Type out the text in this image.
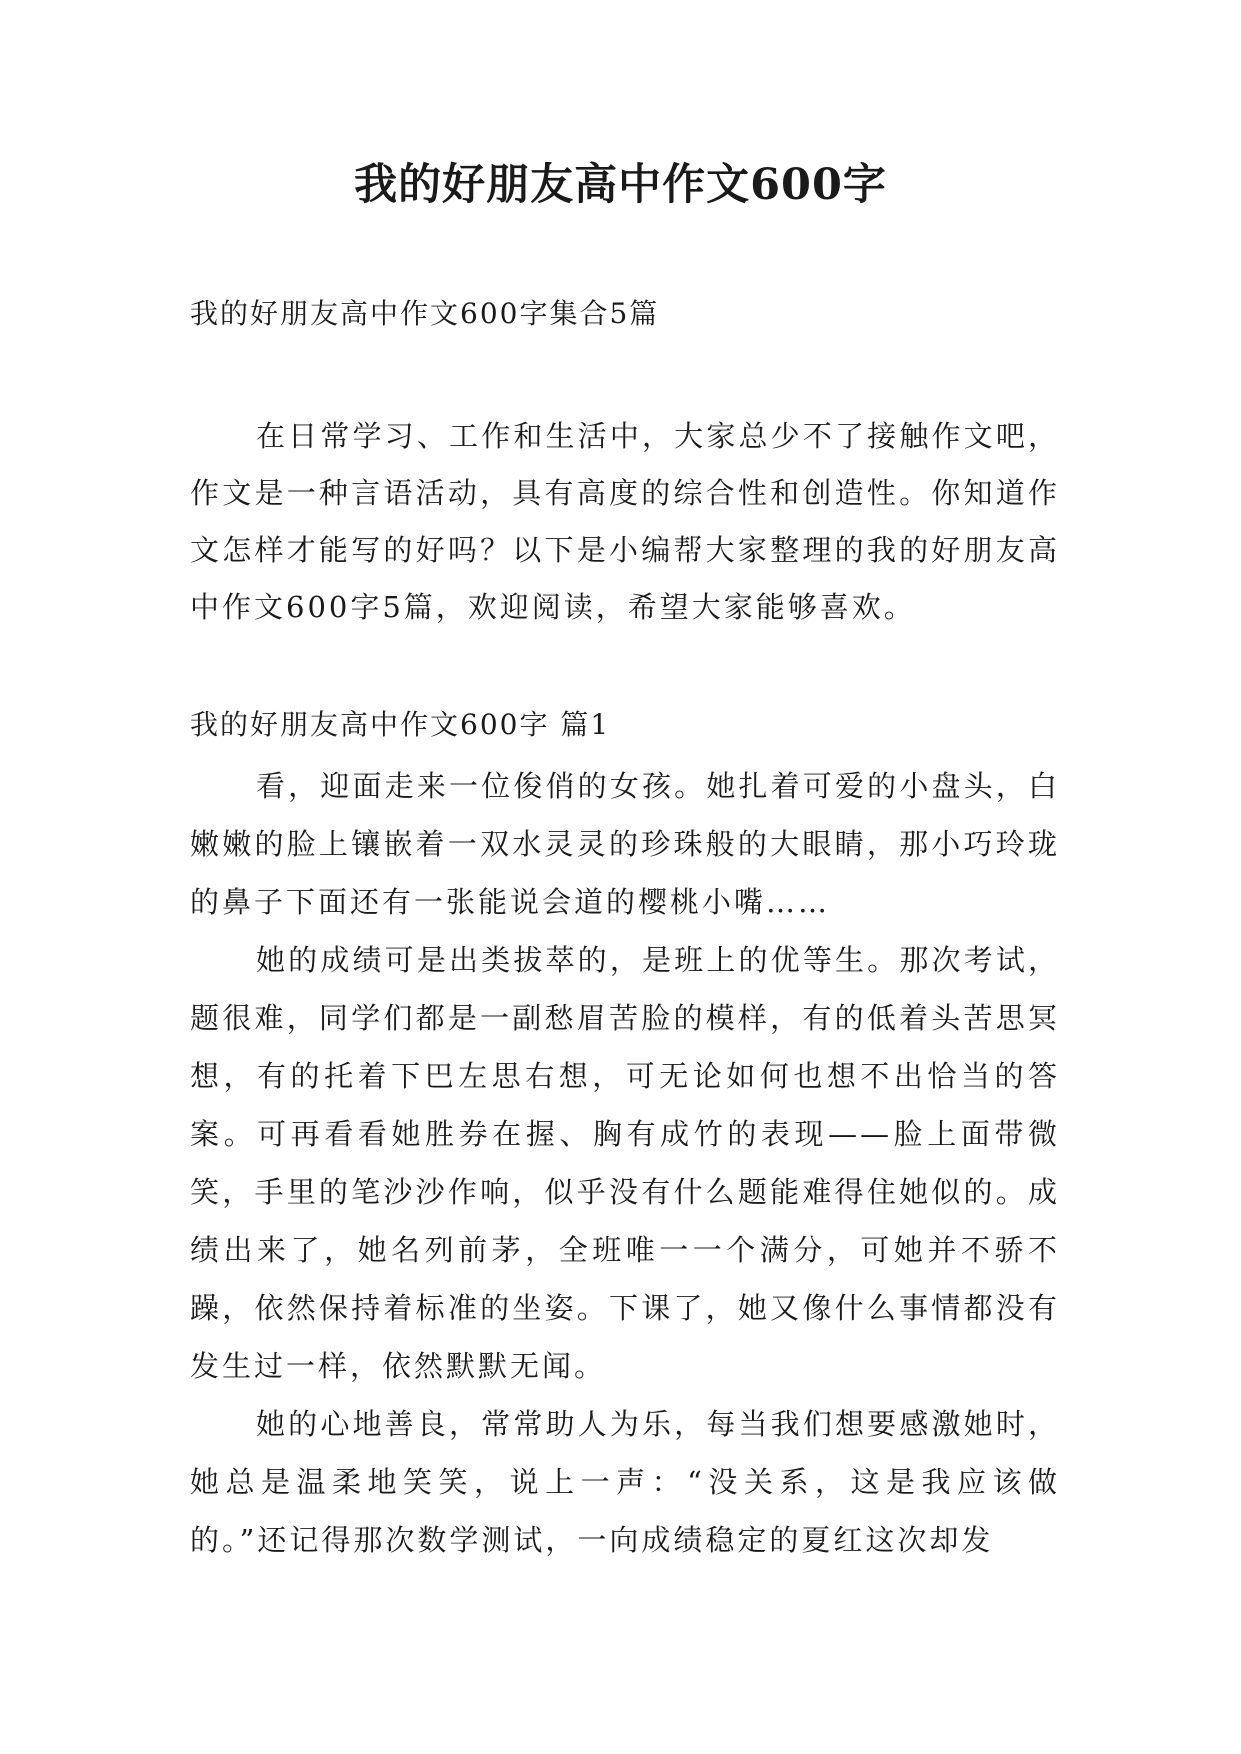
我的好朋友高中作文600字
我的好朋友高中作文600字集合5篇

在日常学习、工作和生活中，大家总少不了接触作文吧，作文是一种言语活动，具有高度的综合性和创造性。你知道作文怎样才能写的好吗？以下是小编帮大家整理的我的好朋友高中作文600字5篇，欢迎阅读，希望大家能够喜欢。

我的好朋友高中作文600字 篇1

看，迎面走来一位俊俏的女孩。她扎着可爱的小盘头，白嫩嫩的脸上镶嵌着一双水灵灵的珍珠般的大眼睛，那小巧玲珑的鼻子下面还有一张能说会道的樱桃小嘴……

她的成绩可是出类拔萃的，是班上的优等生。那次考试，题很难，同学们都是一副愁眉苦脸的模样，有的低着头苦思冥想，有的托着下巴左思右想，可无论如何也想不出恰当的答案。可再看看她胜券在握、胸有成竹的表现——脸上面带微笑，手里的笔沙沙作响，似乎没有什么题能难得住她似的。成绩出来了，她名列前茅，全班唯一一个满分，可她并不骄不躁，依然保持着标准的坐姿。下课了，她又像什么事情都没有发生过一样，依然默默无闻。

她的心地善良，常常助人为乐，每当我们想要感激她时，她总是温柔地笑笑，说上一声：“没关系，这是我应该做的。”还记得那次数学测试，一向成绩稳定的夏红这次却发
